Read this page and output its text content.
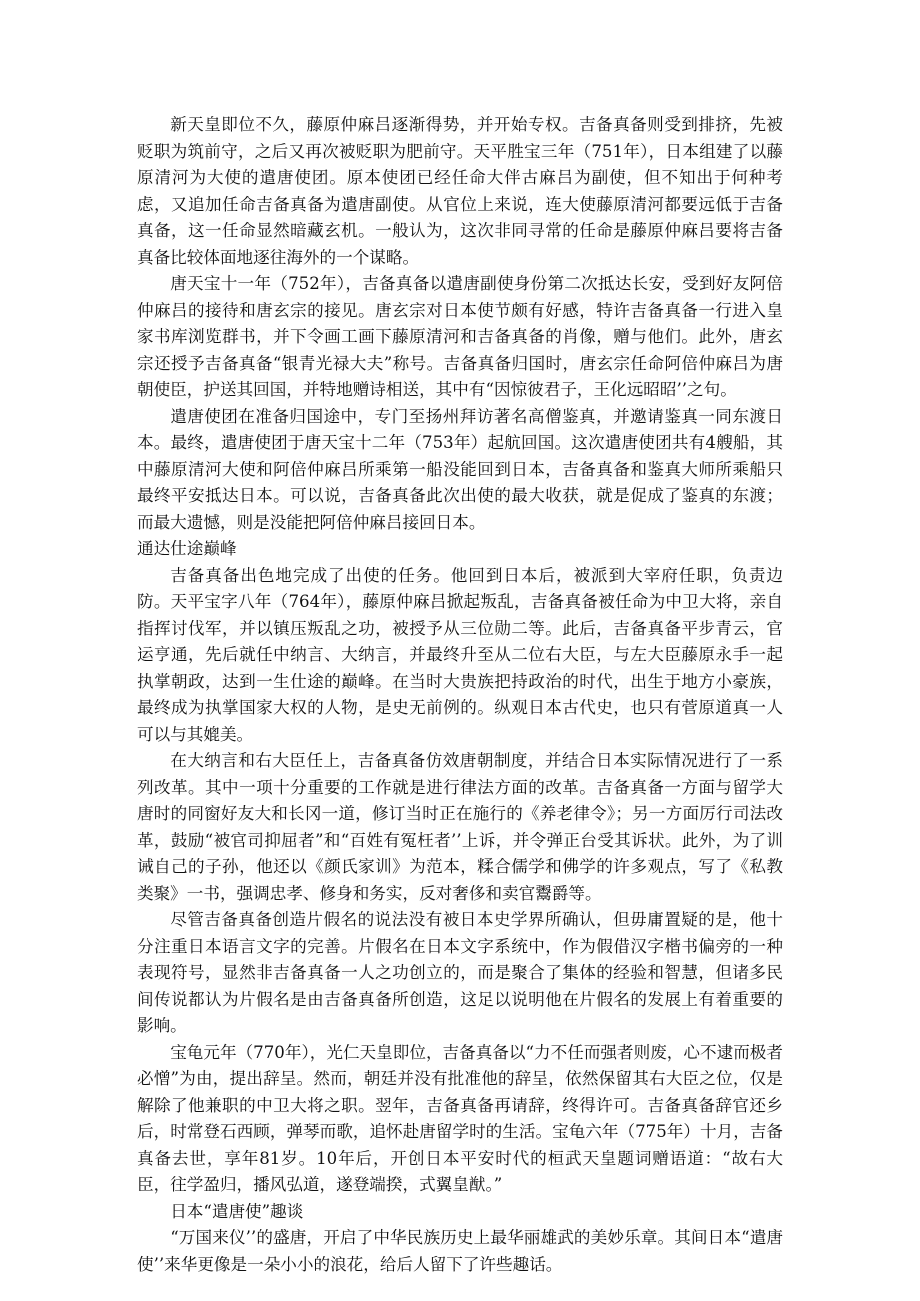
新天皇即位不久，藤原仲麻吕逐渐得势，并开始专权。吉备真备则受到排挤，先被贬职为筑前守，之后又再次被贬职为肥前守。天平胜宝三年（751年），日本组建了以藤原清河为大使的遣唐使团。原本使团已经任命大伴古麻吕为副使，但不知出于何种考虑，又追加任命吉备真备为遣唐副使。从官位上来说，连大使藤原清河都要远低于吉备真备，这一任命显然暗藏玄机。一般认为，这次非同寻常的任命是藤原仲麻吕要将吉备真备比较体面地逐往海外的一个谋略。

唐天宝十一年（752年），吉备真备以遣唐副使身份第二次抵达长安，受到好友阿倍仲麻吕的接待和唐玄宗的接见。唐玄宗对日本使节颇有好感，特许吉备真备一行进入皇家书库浏览群书，并下令画工画下藤原清河和吉备真备的肖像，赠与他们。此外，唐玄宗还授予吉备真备“银青光禄大夫”称号。吉备真备归国时，唐玄宗任命阿倍仲麻吕为唐朝使臣，护送其回国，并特地赠诗相送，其中有“因惊彼君子，王化远昭昭’’之句。

遣唐使团在准备归国途中，专门至扬州拜访著名高僧鉴真，并邀请鉴真一同东渡日本。最终，遣唐使团于唐天宝十二年（753年）起航回国。这次遣唐使团共有4艘船，其中藤原清河大使和阿倍仲麻吕所乘第一船没能回到日本，吉备真备和鉴真大师所乘船只最终平安抵达日本。可以说，吉备真备此次出使的最大收获，就是促成了鉴真的东渡；而最大遗憾，则是没能把阿倍仲麻吕接回日本。

通达仕途巅峰

吉备真备出色地完成了出使的任务。他回到日本后，被派到大宰府任职，负责边防。天平宝字八年（764年），藤原仲麻吕掀起叛乱，吉备真备被任命为中卫大将，亲自指挥讨伐军，并以镇压叛乱之功，被授予从三位勋二等。此后，吉备真备平步青云，官运亨通，先后就任中纳言、大纳言，并最终升至从二位右大臣，与左大臣藤原永手一起执掌朝政，达到一生仕途的巅峰。在当时大贵族把持政治的时代，出生于地方小豪族，最终成为执掌国家大权的人物，是史无前例的。纵观日本古代史，也只有菅原道真一人可以与其媲美。

在大纳言和右大臣任上，吉备真备仿效唐朝制度，并结合日本实际情况进行了一系列改革。其中一项十分重要的工作就是进行律法方面的改革。吉备真备一方面与留学大唐时的同窗好友大和长冈一道，修订当时正在施行的《养老律令》；另一方面厉行司法改革，鼓励“被官司抑屈者”和“百姓有冤枉者’’上诉，并令弹正台受其诉状。此外，为了训诫自己的子孙，他还以《颜氏家训》为范本，糅合儒学和佛学的许多观点，写了《私教类聚》一书，强调忠孝、修身和务实，反对奢侈和卖官鬻爵等。

尽管吉备真备创造片假名的说法没有被日本史学界所确认，但毋庸置疑的是，他十分注重日本语言文字的完善。片假名在日本文字系统中，作为假借汉字楷书偏旁的一种表现符号，显然非吉备真备一人之功创立的，而是聚合了集体的经验和智慧，但诸多民间传说都认为片假名是由吉备真备所创造，这足以说明他在片假名的发展上有着重要的影响。

宝龟元年（770年），光仁天皇即位，吉备真备以“力不任而强者则废，心不逮而极者必憎”为由，提出辞呈。然而，朝廷并没有批准他的辞呈，依然保留其右大臣之位，仅是解除了他兼职的中卫大将之职。翌年，吉备真备再请辞，终得许可。吉备真备辞官还乡后，时常登石西顾，弹琴而歌，追怀赴唐留学时的生活。宝龟六年（775年）十月，吉备真备去世，享年81岁。10年后，开创日本平安时代的桓武天皇题词赠语道：“故右大臣，往学盈归，播风弘道，遂登端揆，式翼皇猷。”

日本“遣唐使”趣谈

“万国来仪’’的盛唐，开启了中华民族历史上最华丽雄武的美妙乐章。其间日本“遣唐使’’来华更像是一朵小小的浪花，给后人留下了许些趣话。
